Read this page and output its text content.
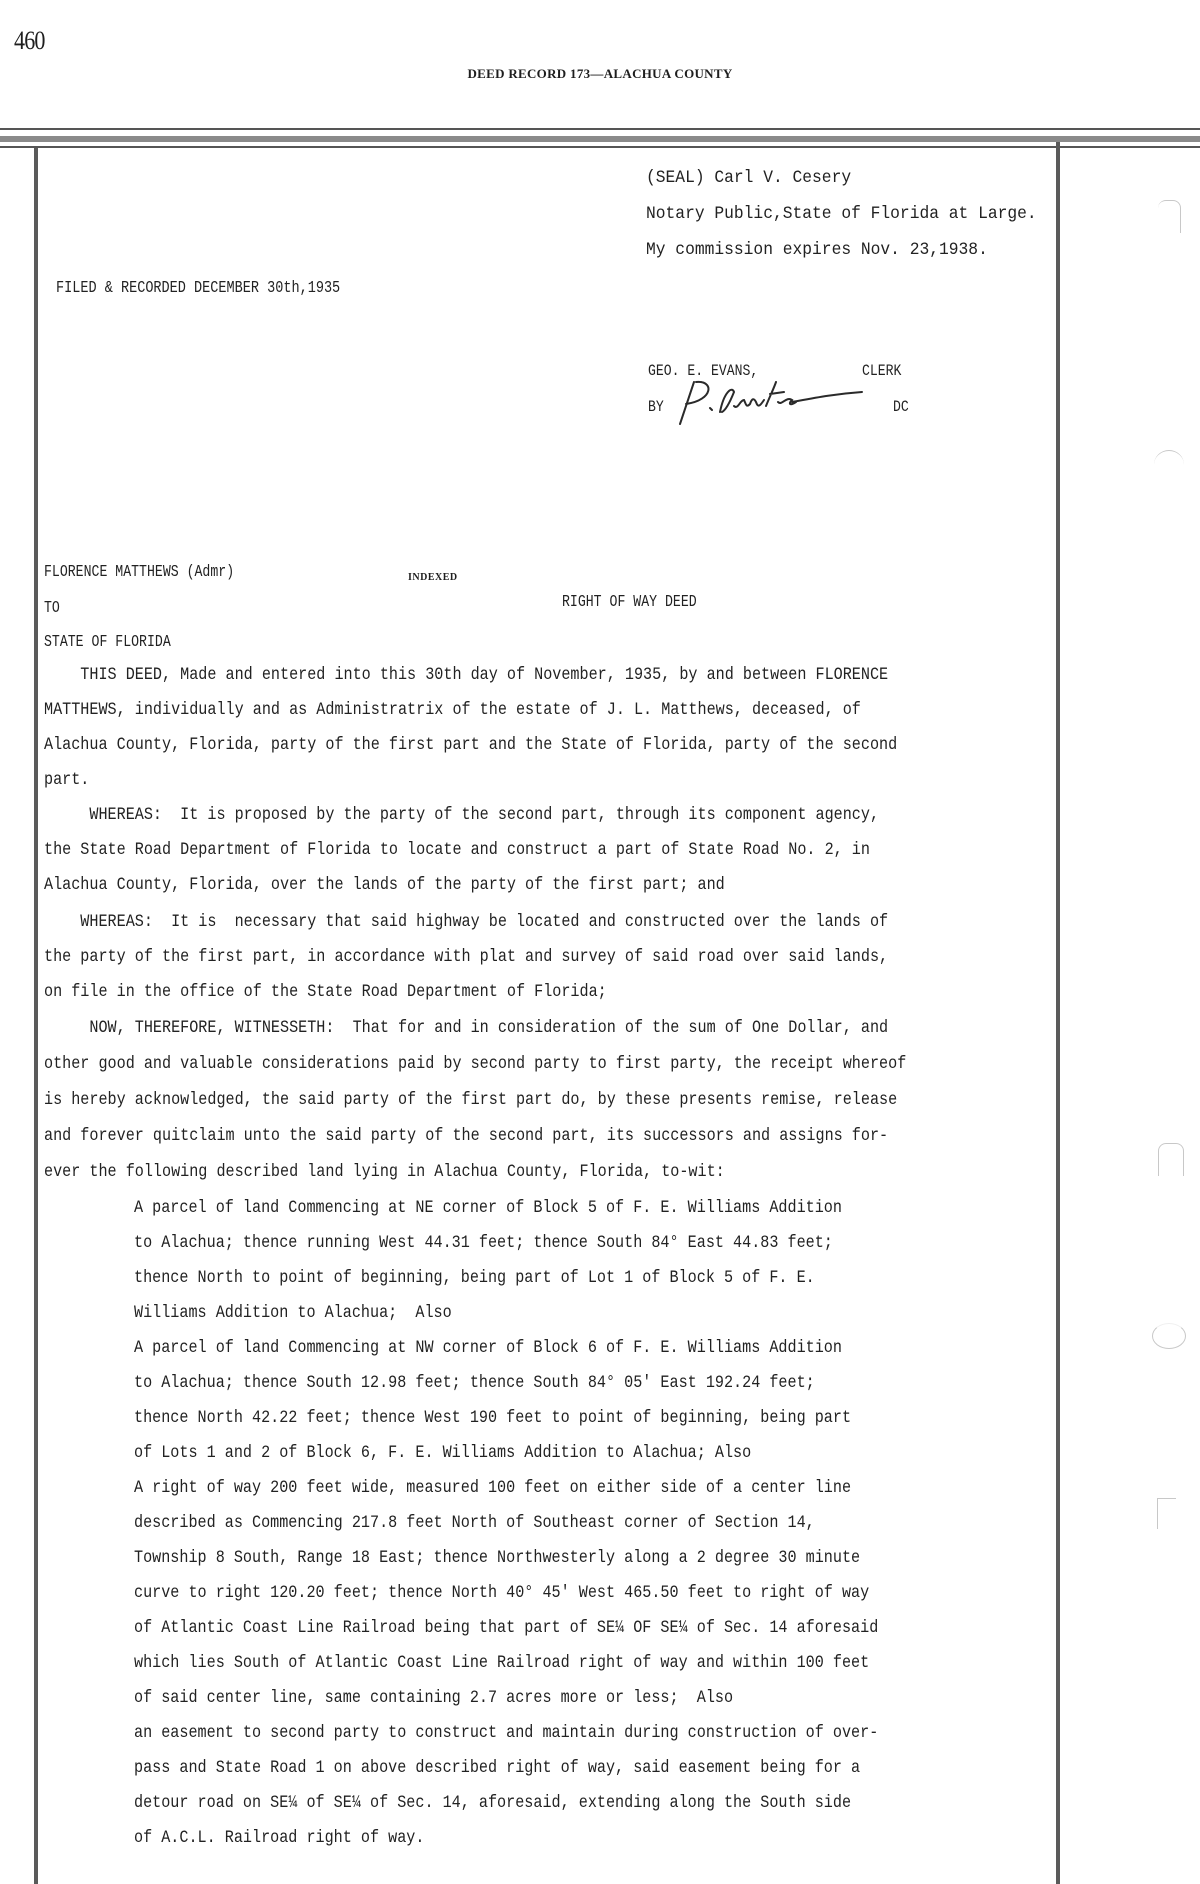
460
DEED RECORD 173—ALACHUA COUNTY
(SEAL) Carl V. Cesery
Notary Public,State of Florida at Large.
My commission expires Nov. 23,1938.
FILED & RECORDED DECEMBER 30th,1935
GEO. E. EVANS,	CLERK
BY	DC
FLORENCE MATTHEWS (Admr)	INDEXED
TO	RIGHT OF WAY DEED
STATE OF FLORIDA
THIS DEED, Made and entered into this 30th day of November, 1935, by and between FLORENCE
MATTHEWS, individually and as Administratrix of the estate of J. L. Matthews, deceased, of
Alachua County, Florida, party of the first part and the State of Florida, party of the second
part.
WHEREAS:  It is proposed by the party of the second part, through its component agency,
the State Road Department of Florida to locate and construct a part of State Road No. 2, in
Alachua County, Florida, over the lands of the party of the first part; and
WHEREAS:  It is  necessary that said highway be located and constructed over the lands of
the party of the first part, in accordance with plat and survey of said road over said lands,
on file in the office of the State Road Department of Florida;
NOW, THEREFORE, WITNESSETH:  That for and in consideration of the sum of One Dollar, and
other good and valuable considerations paid by second party to first party, the receipt whereof
is hereby acknowledged, the said party of the first part do, by these presents remise, release
and forever quitclaim unto the said party of the second part, its successors and assigns for-
ever the following described land lying in Alachua County, Florida, to-wit:
A parcel of land Commencing at NE corner of Block 5 of F. E. Williams Addition
to Alachua; thence running West 44.31 feet; thence South 84° East 44.83 feet;
thence North to point of beginning, being part of Lot 1 of Block 5 of F. E.
Williams Addition to Alachua;  Also
A parcel of land Commencing at NW corner of Block 6 of F. E. Williams Addition
to Alachua; thence South 12.98 feet; thence South 84° 05' East 192.24 feet;
thence North 42.22 feet; thence West 190 feet to point of beginning, being part
of Lots 1 and 2 of Block 6, F. E. Williams Addition to Alachua; Also
A right of way 200 feet wide, measured 100 feet on either side of a center line
described as Commencing 217.8 feet North of Southeast corner of Section 14,
Township 8 South, Range 18 East; thence Northwesterly along a 2 degree 30 minute
curve to right 120.20 feet; thence North 40° 45' West 465.50 feet to right of way
of Atlantic Coast Line Railroad being that part of SE¼ OF SE¼ of Sec. 14 aforesaid
which lies South of Atlantic Coast Line Railroad right of way and within 100 feet
of said center line, same containing 2.7 acres more or less;  Also
an easement to second party to construct and maintain during construction of over-
pass and State Road 1 on above described right of way, said easement being for a
detour road on SE¼ of SE¼ of Sec. 14, aforesaid, extending along the South side
of A.C.L. Railroad right of way.
